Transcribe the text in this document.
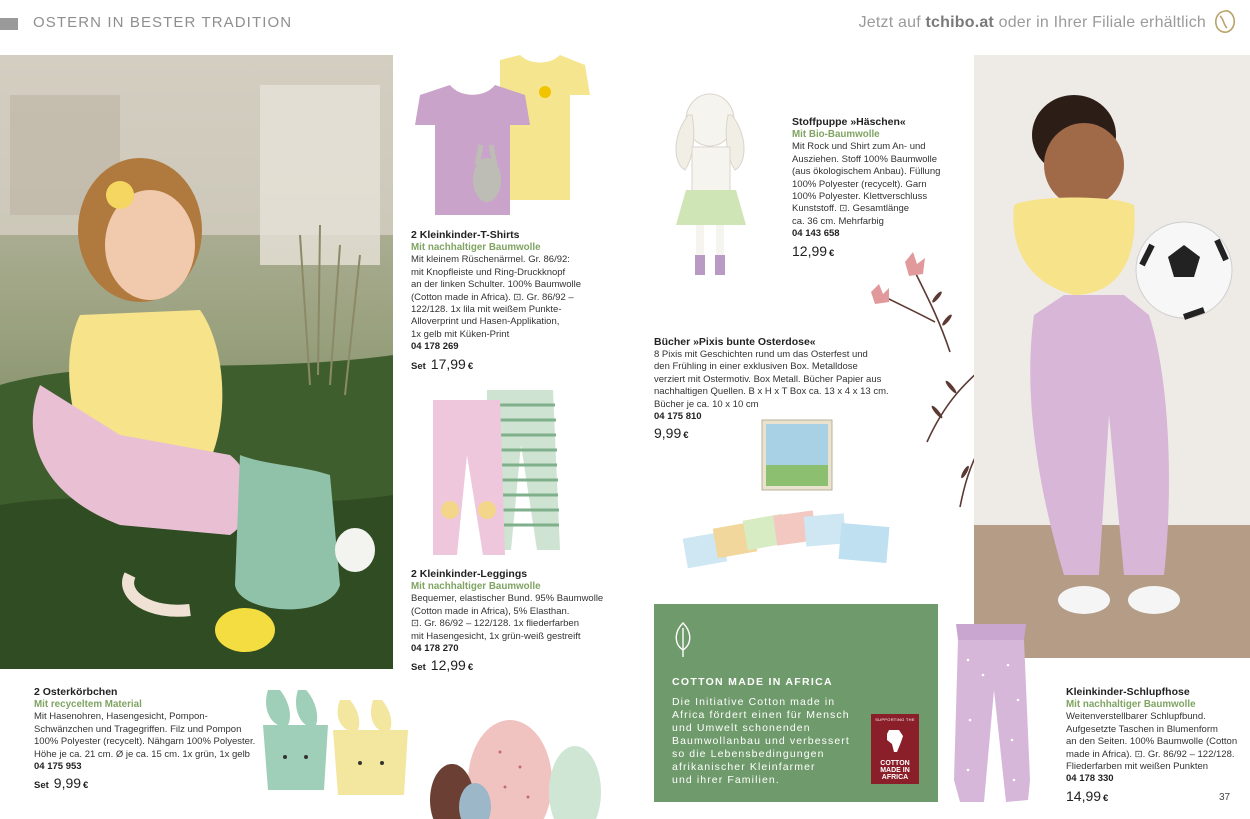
OSTERN IN BESTER TRADITION	Jetzt auf tchibo.at oder in Ihrer Filiale erhältlich
2 Kleinkinder-T-Shirts
Mit nachhaltiger Baumwolle
Mit kleinem Rüschenärmel. Gr. 86/92:
mit Knopfleiste und Ring-Druckknopf
an der linken Schulter. 100% Baumwolle
(Cotton made in Africa). ⊡. Gr. 86/92 –
122/128. 1x lila mit weißem Punkte-
Alloverprint und Hasen-Applikation,
1x gelb mit Küken-Print
04 178 269
Set 17,99 €
2 Kleinkinder-Leggings
Mit nachhaltiger Baumwolle
Bequemer, elastischer Bund. 95% Baumwolle
(Cotton made in Africa), 5% Elasthan.
⊡. Gr. 86/92 – 122/128. 1x fliederfarben
mit Hasengesicht, 1x grün-weiß gestreift
04 178 270
Set 12,99 €
Stoffpuppe »Häschen«
Mit Bio-Baumwolle
Mit Rock und Shirt zum An- und
Ausziehen. Stoff 100% Baumwolle
(aus ökologischem Anbau). Füllung
100% Polyester (recycelt). Garn
100% Polyester. Klettverschluss
Kunststoff. ⊡. Gesamtlänge
ca. 36 cm. Mehrfarbig
04 143 658
12,99 €
Bücher »Pixis bunte Osterdose«
8 Pixis mit Geschichten rund um das Osterfest und
den Frühling in einer exklusiven Box. Metalldose
verziert mit Ostermotiv. Box Metall. Bücher Papier aus
nachhaltigen Quellen. B x H x T Box ca. 13 x 4 x 13 cm.
Bücher je ca. 10 x 10 cm
04 175 810
9,99 €
2 Osterkörbchen
Mit recyceltem Material
Mit Hasenohren, Hasengesicht, Pompon-
Schwänzchen und Tragegriffen. Filz und Pompon
100% Polyester (recycelt). Nähgarn 100% Polyester.
Höhe je ca. 21 cm. Ø je ca. 15 cm. 1x grün, 1x gelb
04 175 953
Set 9,99 €
COTTON MADE IN AFRICA
Die Initiative Cotton made in
Africa fördert einen für Mensch
und Umwelt schonenden
Baumwollanbau und verbessert
so die Lebensbedingungen
afrikanischer Kleinfarmer
und ihrer Familien.
SUPPORTING THE
COTTON MADE IN AFRICA
Kleinkinder-Schlupfhose
Mit nachhaltiger Baumwolle
Weitenverstellbarer Schlupfbund.
Aufgesetzte Taschen in Blumenform
an den Seiten. 100% Baumwolle (Cotton
made in Africa). ⊡. Gr. 86/92 – 122/128.
Fliederfarben mit weißen Punkten
04 178 330
14,99 €	37
